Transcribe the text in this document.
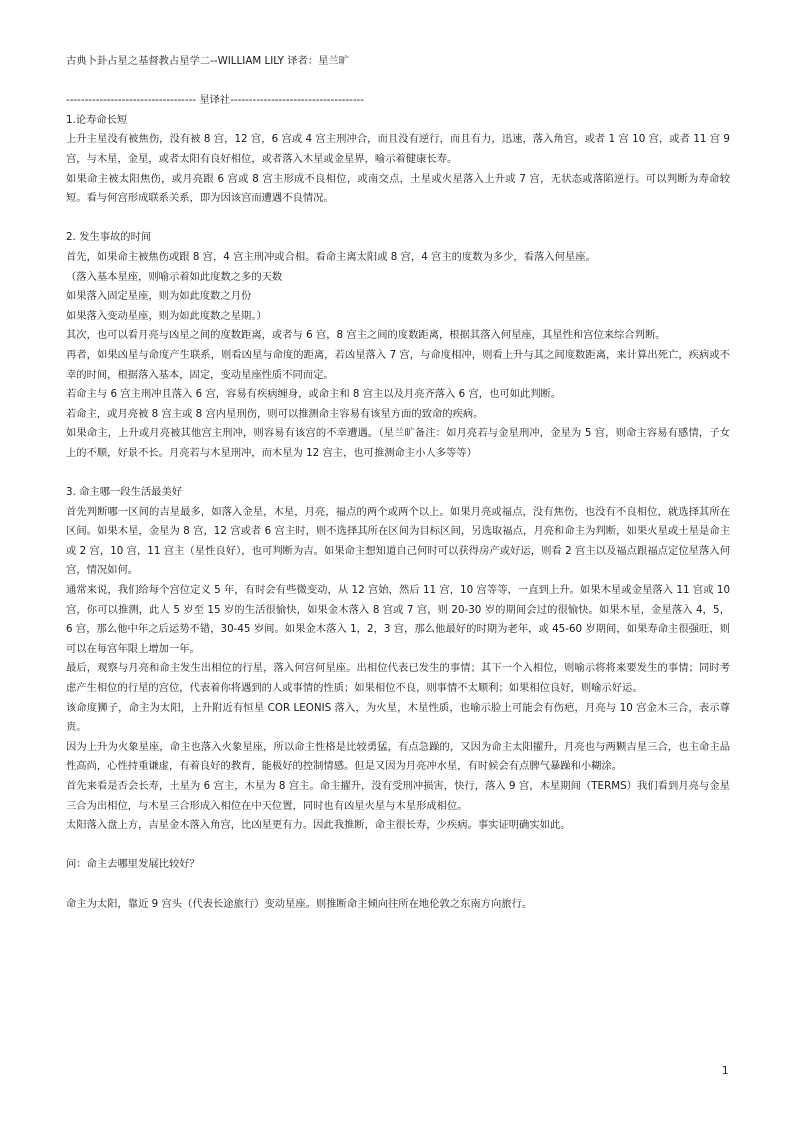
古典卜卦占星之基督教占星学二--WILLIAM LILY 译者：星兰旷
----------------------------------- 星译社------------------------------------
1.论寿命长短
上升主星没有被焦伤，没有被 8 宫，12 宫，6 宫或 4 宫主刑冲合，而且没有逆行，而且有力，迅速，落入角宫，或者 1 宫 10 宫，或者 11 宫 9 宫，与木星，金星，或者太阳有良好相位，或者落入木星或金星界，喻示着健康长寿。
如果命主被太阳焦伤，或月亮跟 6 宫或 8 宫主形成不良相位，或南交点，土星或火星落入上升或 7 宫，无状态或落陷逆行。可以判断为寿命较短。看与何宫形成联系关系，即为因该宫而遭遇不良情况。
2. 发生事故的时间
首先，如果命主被焦伤或跟 8 宫，4 宫主刑冲或合相。看命主离太阳或 8 宫，4 宫主的度数为多少，看落入何星座。
（落入基本星座，则喻示着如此度数之多的天数
如果落入固定星座，则为如此度数之月份
如果落入变动星座，则为如此度数之星期。）
其次，也可以看月亮与凶星之间的度数距离，或者与 6 宫，8 宫主之间的度数距离，根据其落入何星座，其星性和宫位来综合判断。
再者，如果凶星与命度产生联系，则看凶星与命度的距离，若凶星落入 7 宫，与命度相冲，则看上升与其之间度数距离，来计算出死亡，疾病或不幸的时间，根据落入基本，固定，变动星座性质不同而定。
若命主与 6 宫主刑冲且落入 6 宫，容易有疾病缠身，或命主和 8 宫主以及月亮齐落入 6 宫，也可如此判断。
若命主，或月亮被 8 宫主或 8 宫内星刑伤，则可以推测命主容易有该星方面的致命的疾病。
如果命主，上升或月亮被其他宫主刑冲，则容易有该宫的不幸遭遇。（星兰旷备注：如月亮若与金星刑冲，金星为 5 宫，则命主容易有感情，子女上的不顺，好景不长。月亮若与木星刑冲，而木星为 12 宫主，也可推测命主小人多等等）
3. 命主哪一段生活最美好
首先判断哪一区间的吉星最多，如落入金星，木星，月亮，福点的两个或两个以上。如果月亮或福点，没有焦伤，也没有不良相位，就选择其所在区间。如果木星，金星为 8 宫，12 宫或者 6 宫主时，则不选择其所在区间为目标区间，另选取福点，月亮和命主为判断，如果火星或土星是命主或 2 宫，10 宫，11 宫主（星性良好），也可判断为吉。如果命主想知道自己何时可以获得房产或好运，则看 2 宫主以及福点跟福点定位星落入何宫，情况如何。
通常来说，我们给每个宫位定义 5 年，有时会有些微变动，从 12 宫始，然后 11 宫，10 宫等等，一直到上升。如果木星或金星落入 11 宫或 10 宫，你可以推测，此人 5 岁至 15 岁的生活很愉快，如果金木落入 8 宫或 7 宫，则 20-30 岁的期间会过的很愉快。如果木星，金星落入 4，5，6 宫，那么他中年之后运势不错，30-45 岁间。如果金木落入 1，2，3 宫，那么他最好的时期为老年，或 45-60 岁期间，如果寿命主很强旺，则可以在每宫年限上增加一年。
最后，观察与月亮和命主发生出相位的行星，落入何宫何星座。出相位代表已发生的事情；其下一个入相位，则喻示将将来要发生的事情；同时考虑产生相位的行星的宫位，代表着你将遇到的人或事情的性质；如果相位不良，则事情不太顺利；如果相位良好，则喻示好运。
该命度狮子，命主为太阳，上升附近有恒星 COR LEONIS 落入，为火星，木星性质，也喻示脸上可能会有伤疤，月亮与 10 宫金木三合，表示尊贵。
因为上升为火象星座，命主也落入火象星座，所以命主性格是比较勇猛，有点急躁的，又因为命主太阳擢升，月亮也与两颗吉星三合，也主命主品性高尚，心性持重谦虚，有着良好的教育，能极好的控制情感。但是又因为月亮冲水星，有时候会有点脾气暴躁和小糊涂。
首先来看是否会长寿，土星为 6 宫主，木星为 8 宫主。命主擢升，没有受刑冲损害，快行，落入 9 宫，木星期间（TERMS）我们看到月亮与金星三合为出相位，与木星三合形成入相位在中天位置，同时也有凶星火星与木星形成相位。
太阳落入盘上方，吉星金木落入角宫，比凶星更有力。因此我推断，命主很长寿，少疾病。事实证明确实如此。
问：命主去哪里发展比较好？
命主为太阳，靠近 9 宫头（代表长途旅行）变动星座。则推断命主倾向往所在地伦敦之东南方向旅行。
1
